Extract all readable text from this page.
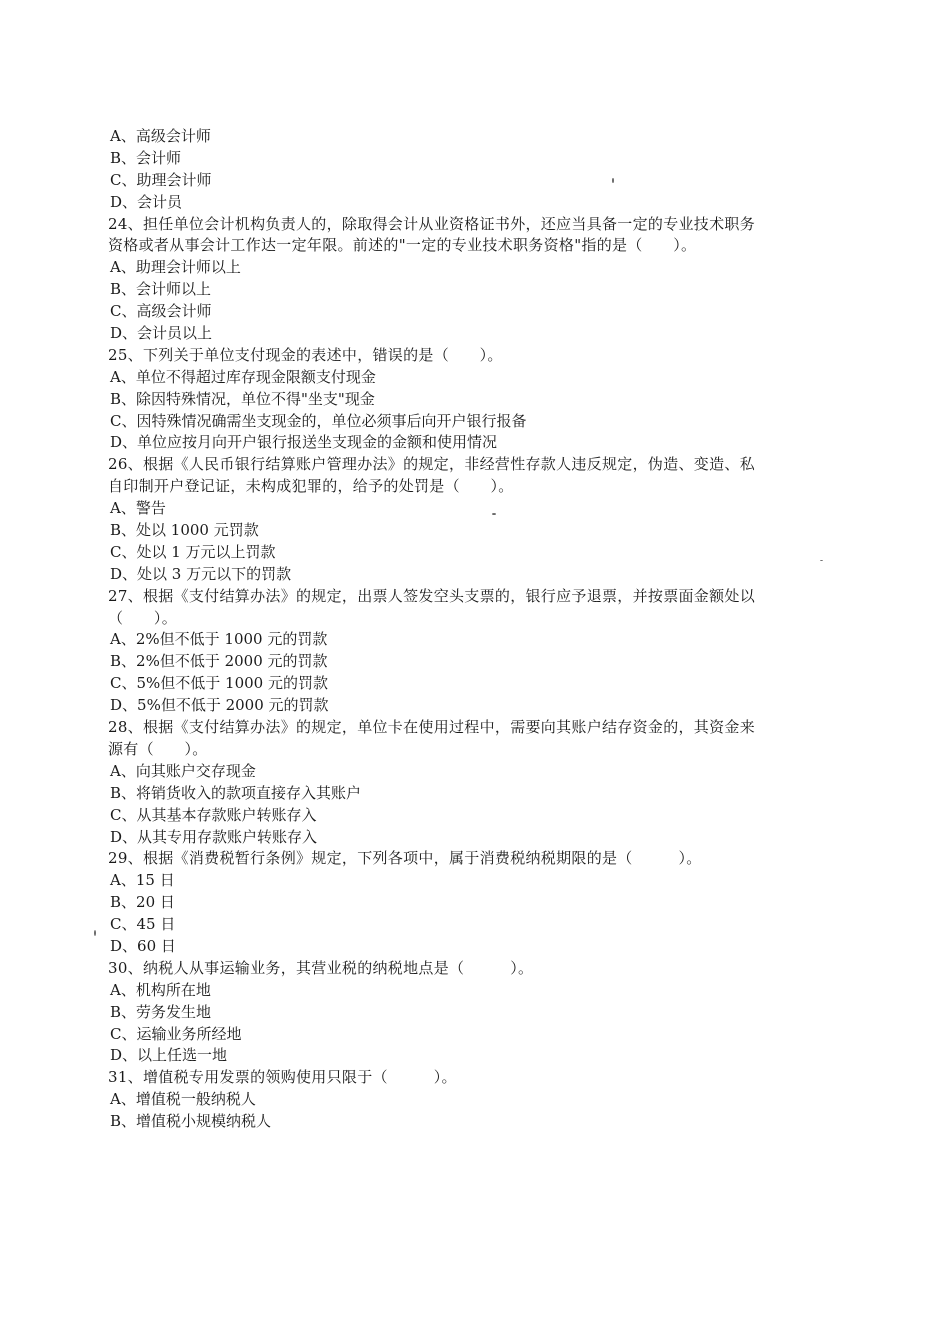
A、高级会计师
B、会计师
C、助理会计师
D、会计员
24、担任单位会计机构负责人的，除取得会计从业资格证书外，还应当具备一定的专业技术职务
资格或者从事会计工作达一定年限。前述的"一定的专业技术职务资格"指的是（　　）。
A、助理会计师以上
B、会计师以上
C、高级会计师
D、会计员以上
25、下列关于单位支付现金的表述中，错误的是（　　）。
A、单位不得超过库存现金限额支付现金
B、除因特殊情况，单位不得"坐支"现金
C、因特殊情况确需坐支现金的，单位必须事后向开户银行报备
D、单位应按月向开户银行报送坐支现金的金额和使用情况
26、根据《人民币银行结算账户管理办法》的规定，非经营性存款人违反规定，伪造、变造、私
自印制开户登记证，未构成犯罪的，给予的处罚是（　　）。
A、警告
B、处以 1000 元罚款
C、处以 1 万元以上罚款
D、处以 3 万元以下的罚款
27、根据《支付结算办法》的规定，出票人签发空头支票的，银行应予退票，并按票面金额处以
（　　）。
A、2%但不低于 1000 元的罚款
B、2%但不低于 2000 元的罚款
C、5%但不低于 1000 元的罚款
D、5%但不低于 2000 元的罚款
28、根据《支付结算办法》的规定，单位卡在使用过程中，需要向其账户结存资金的，其资金来
源有（　　）。
A、向其账户交存现金
B、将销货收入的款项直接存入其账户
C、从其基本存款账户转账存入
D、从其专用存款账户转账存入
29、根据《消费税暂行条例》规定，下列各项中，属于消费税纳税期限的是（　　　）。
A、15 日
B、20 日
C、45 日
D、60 日
30、纳税人从事运输业务，其营业税的纳税地点是（　　　）。
A、机构所在地
B、劳务发生地
C、运输业务所经地
D、以上任选一地
31、增值税专用发票的领购使用只限于（　　　）。
A、增值税一般纳税人
B、增值税小规模纳税人
